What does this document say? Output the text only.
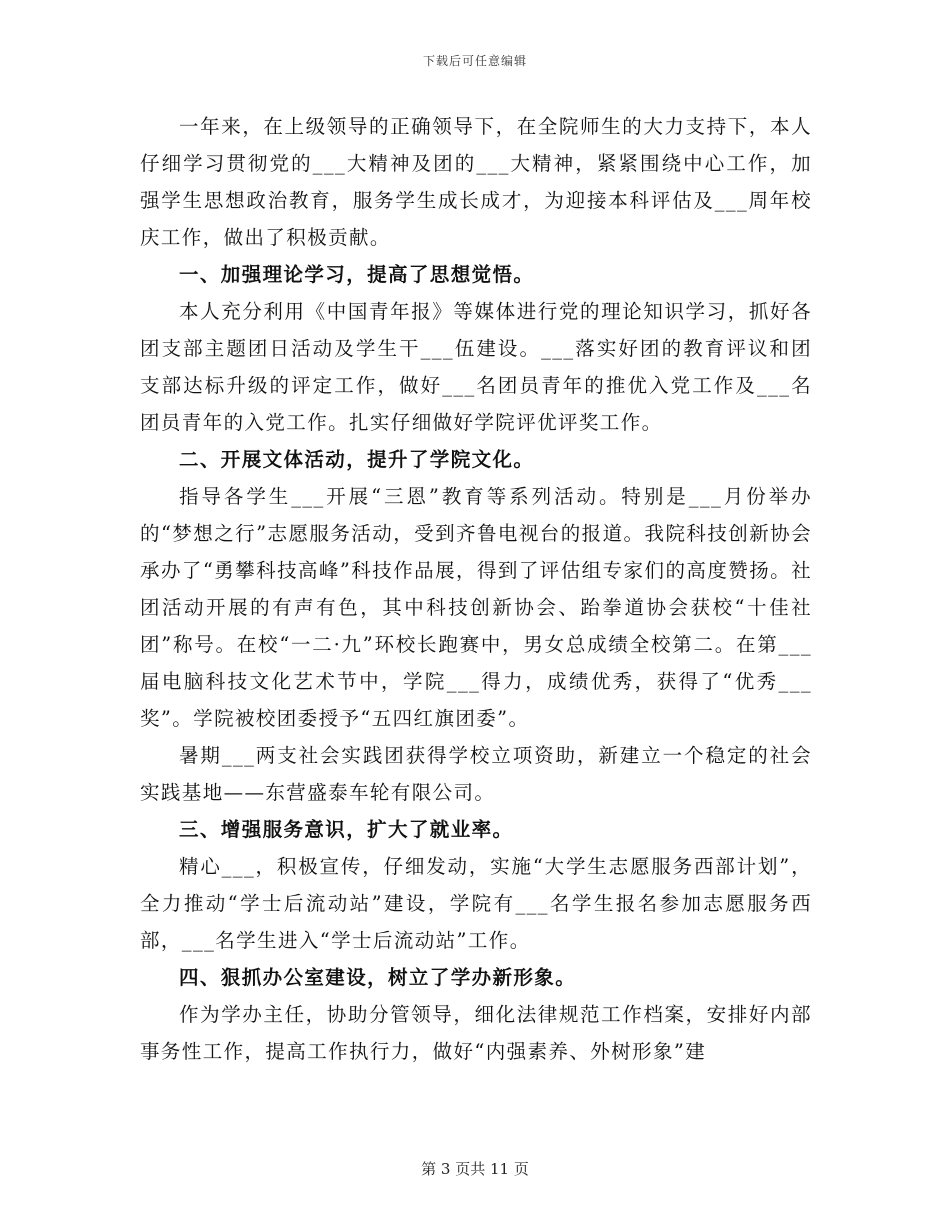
下载后可任意编辑

一年来，在上级领导的正确领导下，在全院师生的大力支持下，本人仔细学习贯彻党的___大精神及团的___大精神，紧紧围绕中心工作，加强学生思想政治教育，服务学生成长成才，为迎接本科评估及___周年校庆工作，做出了积极贡献。

一、加强理论学习，提高了思想觉悟。

本人充分利用《中国青年报》等媒体进行党的理论知识学习，抓好各团支部主题团日活动及学生干___伍建设。___落实好团的教育评议和团支部达标升级的评定工作，做好___名团员青年的推优入党工作及___名团员青年的入党工作。扎实仔细做好学院评优评奖工作。

二、开展文体活动，提升了学院文化。

指导各学生___开展“三恩”教育等系列活动。特别是___月份举办的“梦想之行”志愿服务活动，受到齐鲁电视台的报道。我院科技创新协会承办了“勇攀科技高峰”科技作品展，得到了评估组专家们的高度赞扬。社团活动开展的有声有色，其中科技创新协会、跆拳道协会获校“十佳社团”称号。在校“一二·九”环校长跑赛中，男女总成绩全校第二。在第___届电脑科技文化艺术节中，学院___得力，成绩优秀，获得了“优秀___奖”。学院被校团委授予“五四红旗团委”。

暑期___两支社会实践团获得学校立项资助，新建立一个稳定的社会实践基地——东营盛泰车轮有限公司。

三、增强服务意识，扩大了就业率。

精心___，积极宣传，仔细发动，实施“大学生志愿服务西部计划”，全力推动“学士后流动站”建设，学院有___名学生报名参加志愿服务西部，___名学生进入“学士后流动站”工作。

四、狠抓办公室建设，树立了学办新形象。

作为学办主任，协助分管领导，细化法律规范工作档案，安排好内部事务性工作，提高工作执行力，做好“内强素养、外树形象”建

第 3 页共 11 页
